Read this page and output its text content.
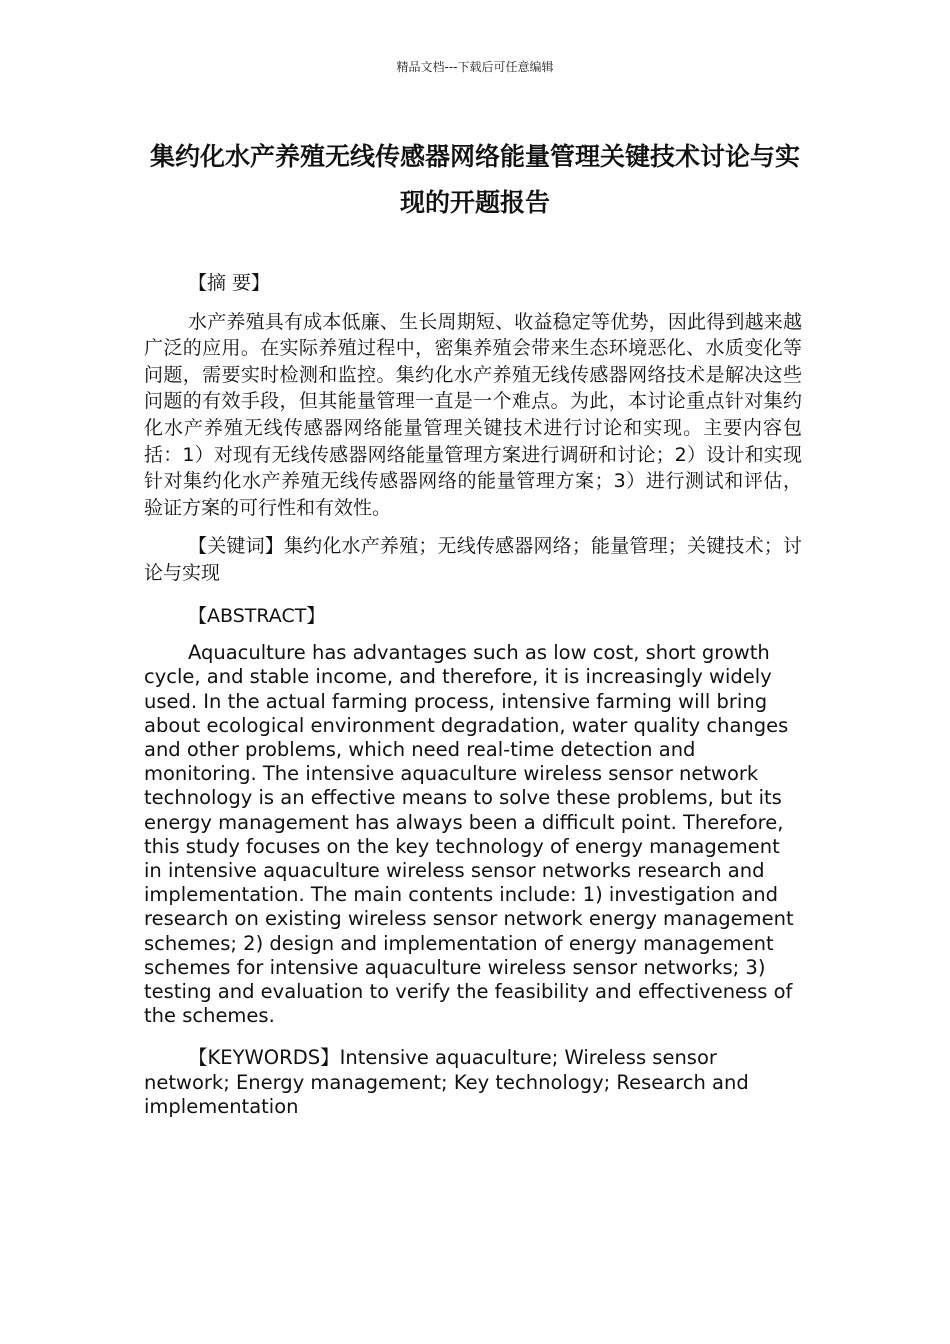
精品文档---下载后可任意编辑
集约化水产养殖无线传感器网络能量管理关键技术讨论与实现的开题报告

【摘 要】

水产养殖具有成本低廉、生长周期短、收益稳定等优势，因此得到越来越广泛的应用。在实际养殖过程中，密集养殖会带来生态环境恶化、水质变化等问题，需要实时检测和监控。集约化水产养殖无线传感器网络技术是解决这些问题的有效手段，但其能量管理一直是一个难点。为此，本讨论重点针对集约化水产养殖无线传感器网络能量管理关键技术进行讨论和实现。主要内容包括：1）对现有无线传感器网络能量管理方案进行调研和讨论；2）设计和实现针对集约化水产养殖无线传感器网络的能量管理方案；3）进行测试和评估，验证方案的可行性和有效性。

【关键词】集约化水产养殖；无线传感器网络；能量管理；关键技术；讨论与实现

【ABSTRACT】

Aquaculture has advantages such as low cost, short growth cycle, and stable income, and therefore, it is increasingly widely used. In the actual farming process, intensive farming will bring about ecological environment degradation, water quality changes and other problems, which need real-time detection and monitoring. The intensive aquaculture wireless sensor network technology is an effective means to solve these problems, but its energy management has always been a difficult point. Therefore, this study focuses on the key technology of energy management in intensive aquaculture wireless sensor networks research and implementation. The main contents include: 1) investigation and research on existing wireless sensor network energy management schemes; 2) design and implementation of energy management schemes for intensive aquaculture wireless sensor networks; 3) testing and evaluation to verify the feasibility and effectiveness of the schemes.

【KEYWORDS】Intensive aquaculture; Wireless sensor network; Energy management; Key technology; Research and implementation
